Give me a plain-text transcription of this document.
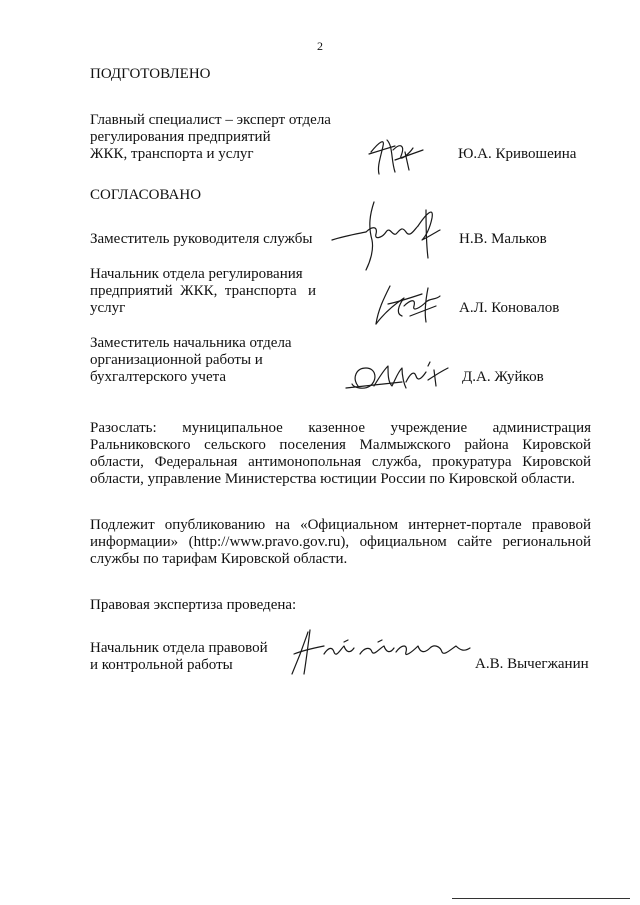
2
ПОДГОТОВЛЕНО
Главный специалист – эксперт отдела
регулирования предприятий
ЖКК, транспорта и услуг	Ю.А. Кривошеина
СОГЛАСОВАНО
Заместитель руководителя службы	Н.В. Мальков
Начальник отдела регулирования
предприятий  ЖКК,  транспорта   и
услуг	А.Л. Коновалов
Заместитель начальника отдела
организационной работы и
бухгалтерского учета	Д.А. Жуйков
Разослать:    муниципальное    казенное    учреждение    администрация
Ральниковского  сельского  поселения  Малмыжского  района  Кировской
области, Федеральная антимонопольная служба, прокуратура Кировской
области, управление Министерства юстиции России по Кировской области.
Подлежит опубликованию на «Официальном интернет-портале правовой
информации»  (http://www.pravo.gov.ru),  официальном  сайте  региональной
службы по тарифам Кировской области.
Правовая экспертиза проведена:
Начальник отдела правовой
и контрольной работы	А.В. Вычегжанин
